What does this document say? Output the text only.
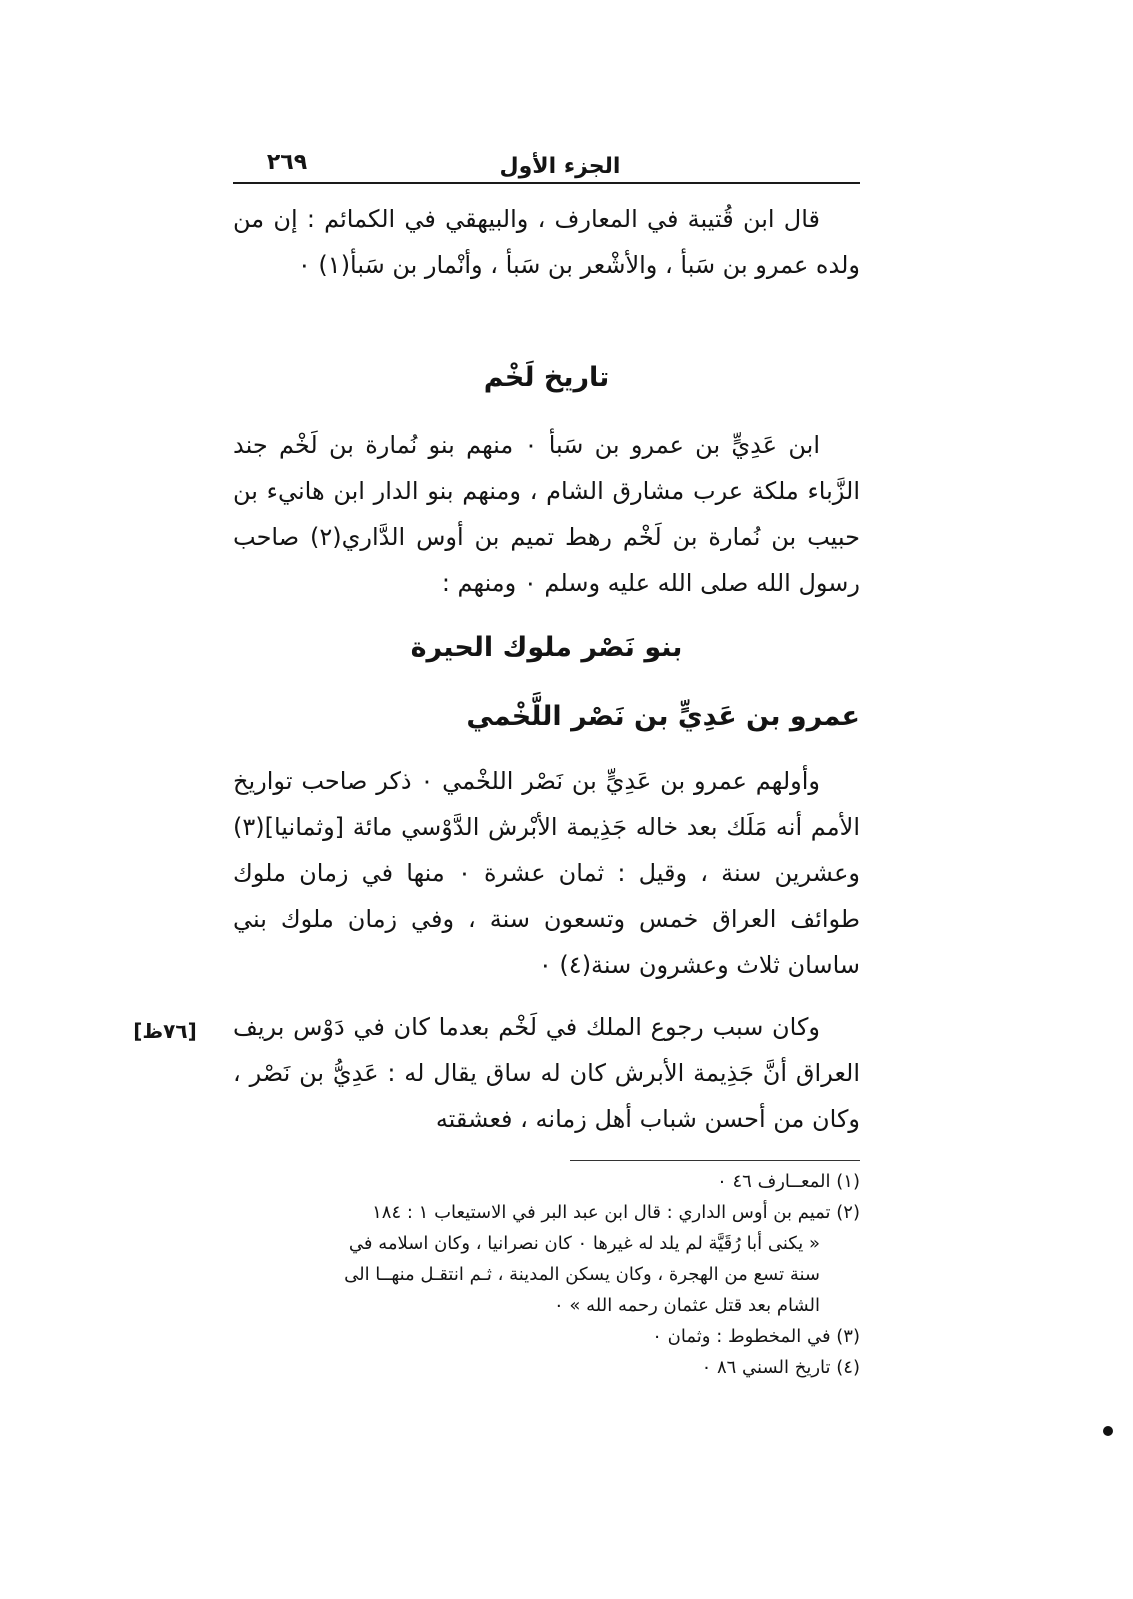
الجزء الأول
٢٦٩
قال ابن قُتيبة في المعارف ، والبيهقي في الكمائم : إن من ولده عمرو بن سَبأ ، والأشْعر بن سَبأ ، وأنْمار بن سَبأ(١) ٠
تاريخ لَخْم
ابن عَدِيٍّ بن عمرو بن سَبأ ٠ منهم بنو نُمارة بن لَخْم جند الزَّباء ملكة عرب مشارق الشام ، ومنهم بنو الدار ابن هانيء بن حبيب بن نُمارة بن لَخْم رهط تميم بن أوس الدَّاري(٢) صاحب رسول الله صلى الله عليه وسلم ٠ ومنهم :
بنو نَصْر ملوك الحيرة
عمرو بن عَدِيٍّ بن نَصْر اللَّخْمي
وأولهم عمرو بن عَدِيٍّ بن نَصْر اللخْمي ٠ ذكر صاحب تواريخ الأمم أنه مَلَك بعد خاله جَذِيمة الأبْرش الدَّوْسي مائة [وثمانيا](٣) وعشرين سنة ، وقيل : ثمان عشرة ٠ منها في زمان ملوك طوائف العراق خمس وتسعون سنة ، وفي زمان ملوك بني ساسان ثلاث وعشرون سنة(٤) ٠
[٧٦ظ]	وكان سبب رجوع الملك في لَخْم بعدما كان في دَوْس بريف العراق أنَّ جَذِيمة الأبرش كان له ساق يقال له : عَدِيُّ بن نَصْر ، وكان من أحسن شباب أهل زمانه ، فعشقته
(١) المعــارف ٤٦ ٠
(٢) تميم بن أوس الداري : قال ابن عبد البر في الاستيعاب ١ : ١٨٤
« يكنى أبا رُقَيَّة لم يلد له غيرها ٠ كان نصرانيا ، وكان اسلامه في
سنة تسع من الهجرة ، وكان يسكن المدينة ، ثـم انتقـل منهــا الى
الشام بعد قتل عثمان رحمه الله » ٠
(٣) في المخطوط : وثمان ٠
(٤) تاريخ السني ٨٦ ٠
